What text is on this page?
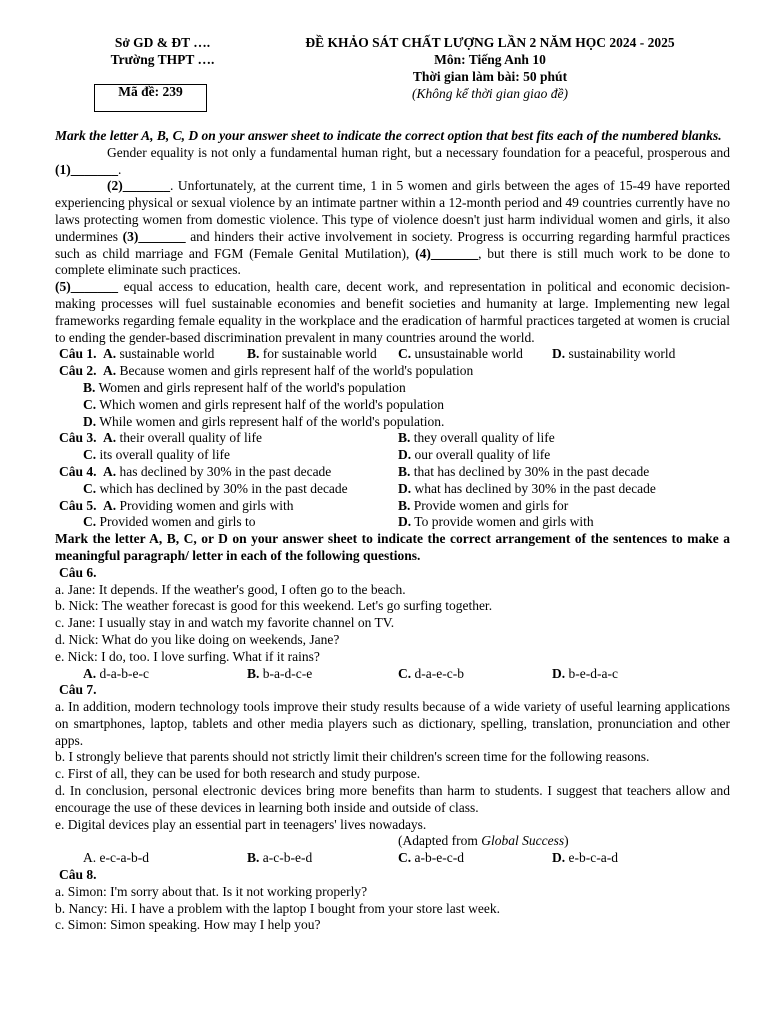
Sở GD & ĐT ….
Trường THPT ….
Mã đề: 239
ĐỀ KHẢO SÁT CHẤT LƯỢNG LẦN 2 NĂM HỌC 2024 - 2025
Môn: Tiếng Anh 10
Thời gian làm bài: 50 phút
(Không kể thời gian giao đề)
Mark the letter A, B, C, D on your answer sheet to indicate the correct option that best fits each of the numbered blanks.
Gender equality is not only a fundamental human right, but a necessary foundation for a peaceful, prosperous and (1)_______.
(2)_______. Unfortunately, at the current time, 1 in 5 women and girls between the ages of 15-49 have reported experiencing physical or sexual violence by an intimate partner within a 12-month period and 49 countries currently have no laws protecting women from domestic violence. This type of violence doesn't just harm individual women and girls, it also undermines (3)_______ and hinders their active involvement in society. Progress is occurring regarding harmful practices such as child marriage and FGM (Female Genital Mutilation), (4)_______, but there is still much work to be done to complete eliminate such practices.
(5)_______ equal access to education, health care, decent work, and representation in political and economic decision-making processes will fuel sustainable economies and benefit societies and humanity at large. Implementing new legal frameworks regarding female equality in the workplace and the eradication of harmful practices targeted at women is crucial to ending the gender-based discrimination prevalent in many countries around the world.
Câu 1. A. sustainable world B. for sustainable world C. unsustainable world D. sustainability world
Câu 2. A. Because women and girls represent half of the world's population
B. Women and girls represent half of the world's population
C. Which women and girls represent half of the world's population
D. While women and girls represent half of the world's population.
Câu 3. A. their overall quality of life	B. they overall quality of life
C. its overall quality of life	D. our overall quality of life
Câu 4. A. has declined by 30% in the past decade	B. that has declined by 30% in the past decade
C. which has declined by 30% in the past decade	D. what has declined by 30% in the past decade
Câu 5. A. Providing women and girls with	B. Provide women and girls for
C. Provided women and girls to	D. To provide women and girls with
Mark the letter A, B, C, or D on your answer sheet to indicate the correct arrangement of the sentences to make a meaningful paragraph/ letter in each of the following questions.
Câu 6.
a. Jane: It depends. If the weather's good, I often go to the beach.
b. Nick: The weather forecast is good for this weekend. Let's go surfing together.
c. Jane: I usually stay in and watch my favorite channel on TV.
d. Nick: What do you like doing on weekends, Jane?
e. Nick: I do, too. I love surfing. What if it rains?
A. d-a-b-e-c	B. b-a-d-c-e	C. d-a-e-c-b	D. b-e-d-a-c
Câu 7.
a. In addition, modern technology tools improve their study results because of a wide variety of useful learning applications on smartphones, laptop, tablets and other media players such as dictionary, spelling, translation, pronunciation and other apps.
b. I strongly believe that parents should not strictly limit their children's screen time for the following reasons.
c. First of all, they can be used for both research and study purpose.
d. In conclusion, personal electronic devices bring more benefits than harm to students. I suggest that teachers allow and encourage the use of these devices in learning both inside and outside of class.
e. Digital devices play an essential part in teenagers' lives nowadays.
(Adapted from Global Success)
A. e-c-a-b-d	B. a-c-b-e-d	C. a-b-e-c-d	D. e-b-c-a-d
Câu 8.
a. Simon: I'm sorry about that. Is it not working properly?
b. Nancy: Hi. I have a problem with the laptop I bought from your store last week.
c. Simon: Simon speaking. How may I help you?
